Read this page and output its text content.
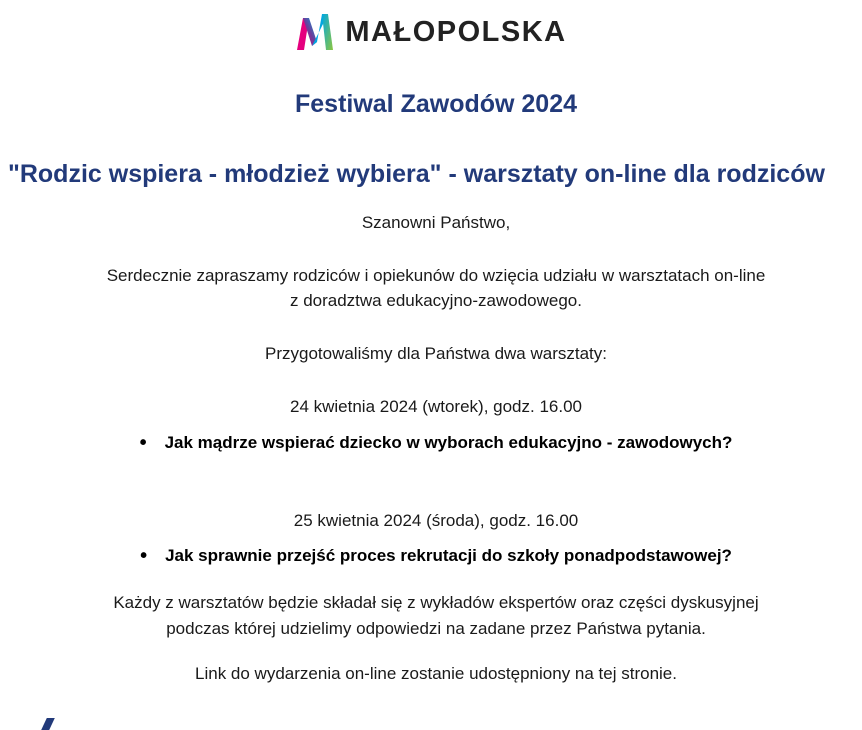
MAŁOPOLSKA
Festiwal Zawodów 2024
"Rodzic wspiera - młodzież wybiera" - warsztaty on-line dla rodziców

Szanowni Państwo,

Serdecznie zapraszamy rodziców i opiekunów do wzięcia udziału w warsztatach on-line

z doradztwa edukacyjno-zawodowego.

Przygotowaliśmy dla Państwa dwa warsztaty:

24 kwietnia 2024 (wtorek), godz. 16.00

• Jak mądrze wspierać dziecko w wyborach edukacyjno - zawodowych?

25 kwietnia 2024 (środa), godz. 16.00

• Jak sprawnie przejść proces rekrutacji do szkoły ponadpodstawowej?

Każdy z warsztatów będzie składał się z wykładów ekspertów oraz części dyskusyjnej

podczas której udzielimy odpowiedzi na zadane przez Państwa pytania.

Link do wydarzenia on-line zostanie udostępniony na tej stronie.
